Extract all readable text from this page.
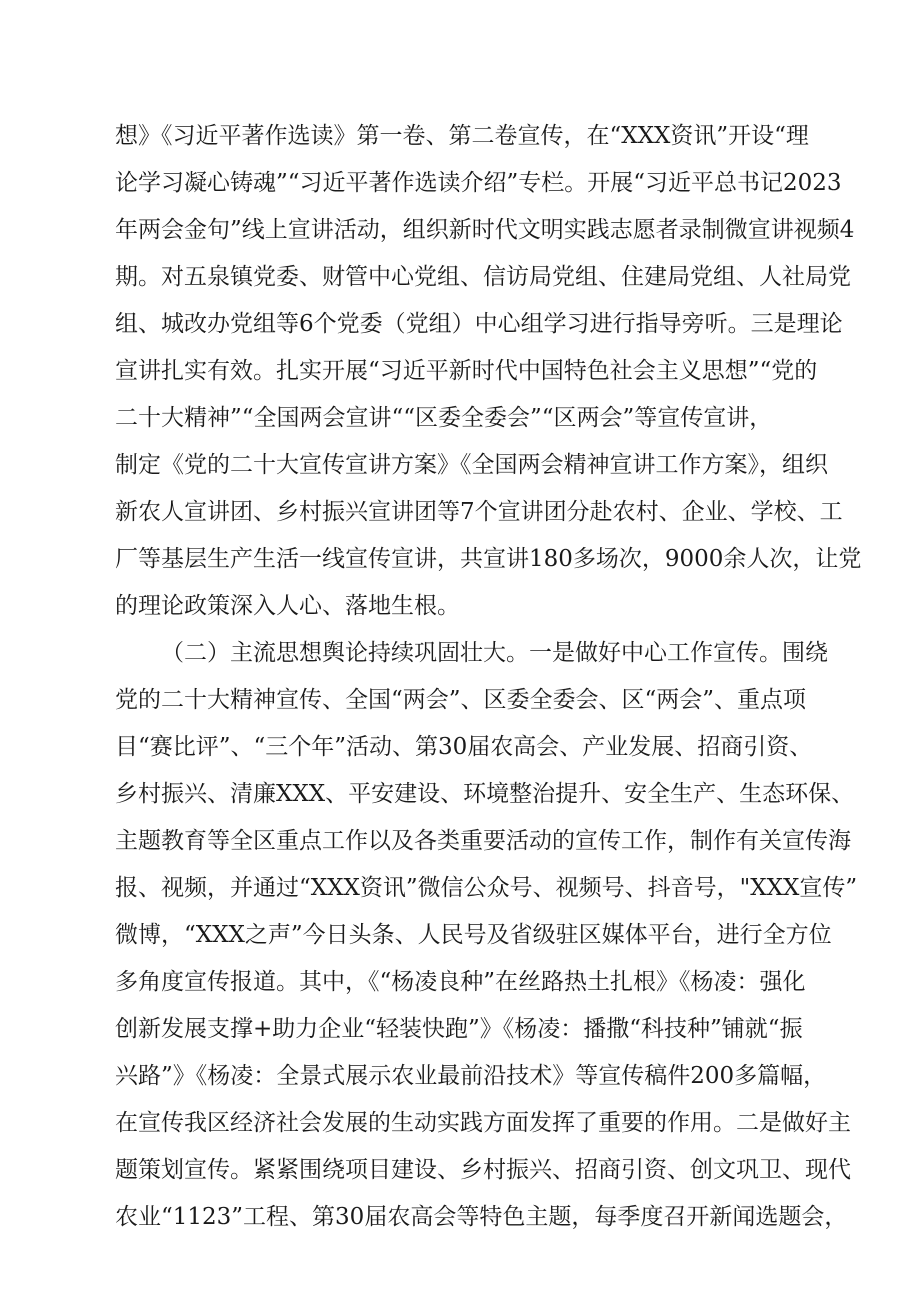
想》《习近平著作选读》第一卷、第二卷宣传，在“XXX资讯”开设“理
论学习凝心铸魂”“习近平著作选读介绍”专栏。开展“习近平总书记2023
年两会金句”线上宣讲活动，组织新时代文明实践志愿者录制微宣讲视频4
期。对五泉镇党委、财管中心党组、信访局党组、住建局党组、人社局党
组、城改办党组等6个党委（党组）中心组学习进行指导旁听。三是理论
宣讲扎实有效。扎实开展“习近平新时代中国特色社会主义思想”“党的
二十大精神”“全国两会宣讲““区委全委会”“区两会”等宣传宣讲，
制定《党的二十大宣传宣讲方案》《全国两会精神宣讲工作方案》，组织
新农人宣讲团、乡村振兴宣讲团等7个宣讲团分赴农村、企业、学校、工
厂等基层生产生活一线宣传宣讲，共宣讲180多场次，9000余人次，让党
的理论政策深入人心、落地生根。
（二）主流思想舆论持续巩固壮大。一是做好中心工作宣传。围绕
党的二十大精神宣传、全国“两会”、区委全委会、区“两会”、重点项
目“赛比评”、“三个年”活动、第30届农高会、产业发展、招商引资、
乡村振兴、清廉XXX、平安建设、环境整治提升、安全生产、生态环保、
主题教育等全区重点工作以及各类重要活动的宣传工作，制作有关宣传海
报、视频，并通过“XXX资讯”微信公众号、视频号、抖音号，"XXX宣传”
微博，“XXX之声”今日头条、人民号及省级驻区媒体平台，进行全方位
多角度宣传报道。其中，《“杨凌良种”在丝路热土扎根》《杨凌：强化
创新发展支撑+助力企业“轻装快跑”》《杨凌：播撒“科技种”铺就“振
兴路”》《杨凌：全景式展示农业最前沿技术》等宣传稿件200多篇幅，
在宣传我区经济社会发展的生动实践方面发挥了重要的作用。二是做好主
题策划宣传。紧紧围绕项目建设、乡村振兴、招商引资、创文巩卫、现代
农业“1123”工程、第30届农高会等特色主题，每季度召开新闻选题会，
